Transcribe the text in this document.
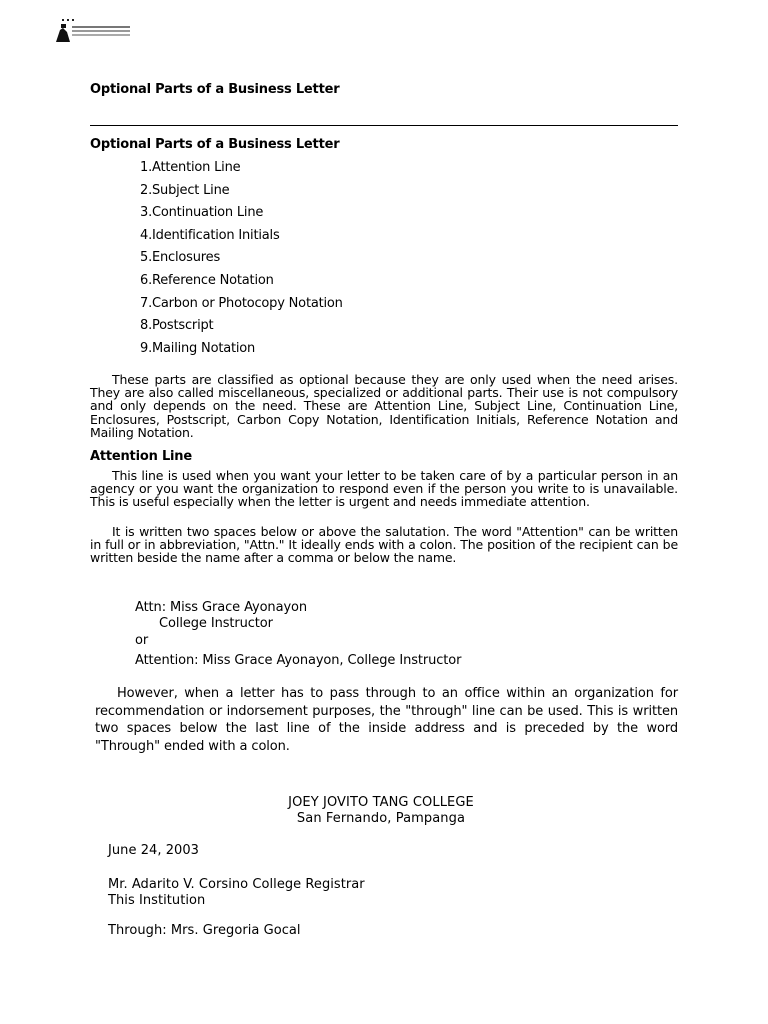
Optional Parts of a Business Letter
Optional Parts of a Business Letter
1.Attention Line
2.Subject Line
3.Continuation Line
4.Identification Initials
5.Enclosures
6.Reference Notation
7.Carbon or Photocopy Notation
8.Postscript
9.Mailing Notation

These parts are classified as optional because they are only used when the need arises. They are also called miscellaneous, specialized or additional parts. Their use is not compulsory and only depends on the need. These are Attention Line, Subject Line, Continuation Line, Enclosures, Postscript, Carbon Copy Notation, Identification Initials, Reference Notation and Mailing Notation.

Attention Line

This line is used when you want your letter to be taken care of by a particular person in an agency or you want the organization to respond even if the person you write to is unavailable. This is useful especially when the letter is urgent and needs immediate attention.

It is written two spaces below or above the salutation. The word "Attention" can be written in full or in abbreviation, "Attn." It ideally ends with a colon. The position of the recipient can be written beside the name after a comma or below the name.

Attn: Miss Grace Ayonayon
College Instructor
or
Attention: Miss Grace Ayonayon, College Instructor

However, when a letter has to pass through to an office within an organization for recommendation or indorsement purposes, the "through" line can be used. This is written two spaces below the last line of the inside address and is preceded by the word "Through" ended with a colon.

JOEY JOVITO TANG COLLEGE
San Fernando, Pampanga
June 24, 2003
Mr. Adarito V. Corsino College Registrar
This Institution
Through: Mrs. Gregoria Gocal
